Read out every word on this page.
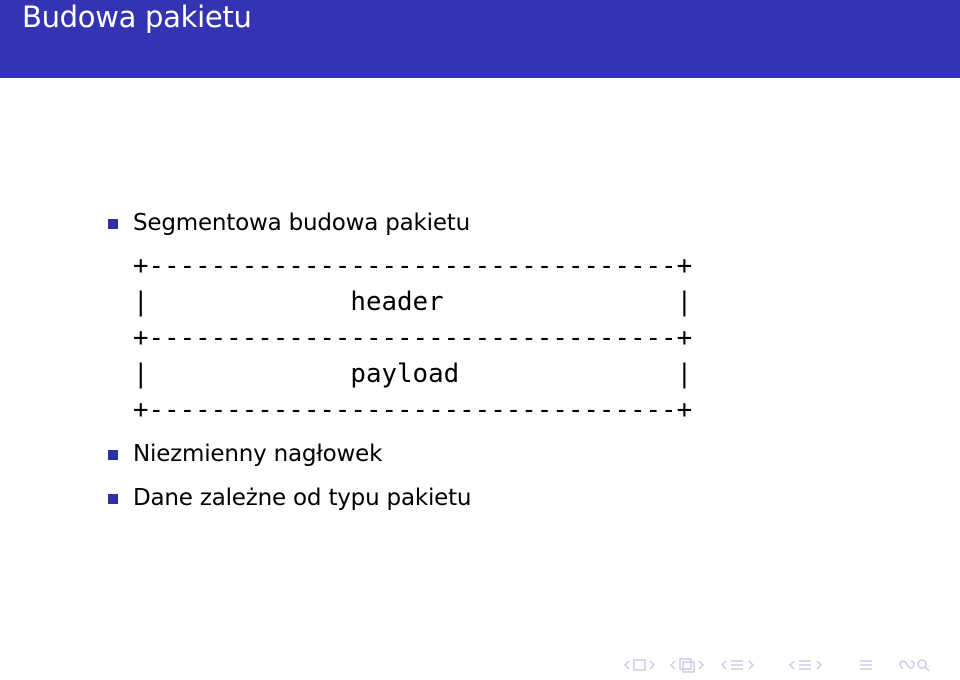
Budowa pakietu
Segmentowa budowa pakietu
+----------------------------------+
|             header               |
+----------------------------------+
|             payload              |
+----------------------------------+
Niezmienny nagłowek
Dane zależne od typu pakietu
